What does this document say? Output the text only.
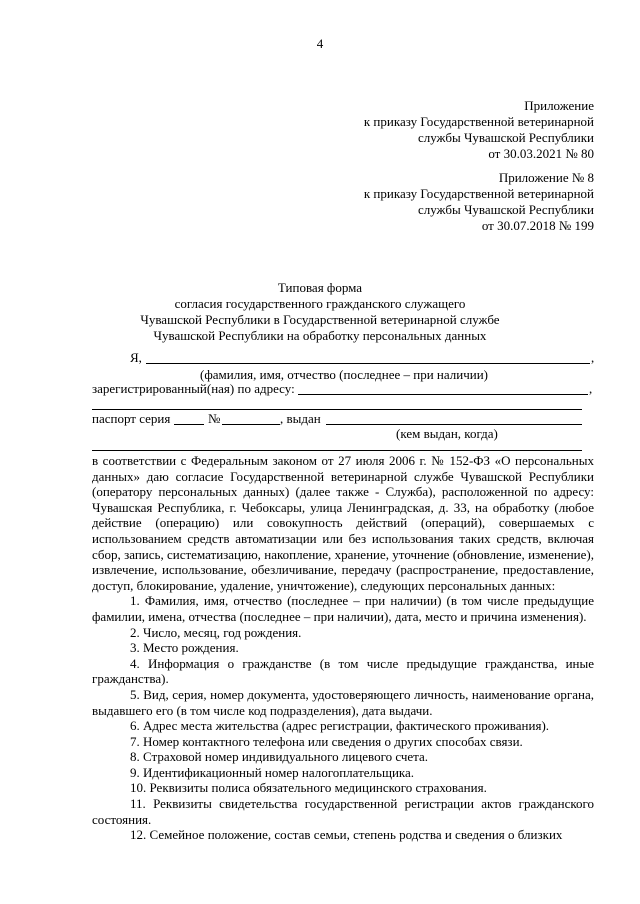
4
Приложение
к приказу Государственной ветеринарной
службы Чувашской Республики
от 30.03.2021 № 80
Приложение № 8
к приказу Государственной ветеринарной
службы Чувашской Республики
от 30.07.2018 № 199
Типовая форма
согласия государственного гражданского служащего
Чувашской Республики в Государственной ветеринарной службе
Чувашской Республики на обработку персональных данных
Я,	,
(фамилия, имя, отчество (последнее – при наличии)
зарегистрированный(ная) по адресу:	,
паспорт серия	№	, выдан
(кем выдан, когда)

в соответствии с Федеральным законом от 27 июля 2006 г. № 152-ФЗ «О персональных данных» даю согласие Государственной ветеринарной службе Чувашской Республики (оператору персональных данных) (далее также - Служба), расположенной по адресу: Чувашская Республика, г. Чебоксары, улица Ленинградская, д. 33, на обработку (любое действие (операцию) или совокупность действий (операций), совершаемых с использованием средств автоматизации или без использования таких средств, включая сбор, запись, систематизацию, накопление, хранение, уточнение (обновление, изменение), извлечение, использование, обезличивание, передачу (распространение, предоставление, доступ, блокирование, удаление, уничтожение), следующих персональных данных:

1. Фамилия, имя, отчество (последнее – при наличии) (в том числе предыдущие фамилии, имена, отчества (последнее – при наличии), дата, место и причина изменения).

2. Число, месяц, год рождения.

3. Место рождения.

4. Информация о гражданстве (в том числе предыдущие гражданства, иные гражданства).

5. Вид, серия, номер документа, удостоверяющего личность, наименование органа, выдавшего его (в том числе код подразделения), дата выдачи.

6. Адрес места жительства (адрес регистрации, фактического проживания).

7. Номер контактного телефона или сведения о других способах связи.

8. Страховой номер индивидуального лицевого счета.

9. Идентификационный номер налогоплательщика.

10. Реквизиты полиса обязательного медицинского страхования.

11. Реквизиты свидетельства государственной регистрации актов гражданского состояния.

12. Семейное положение, состав семьи, степень родства и сведения о близких
